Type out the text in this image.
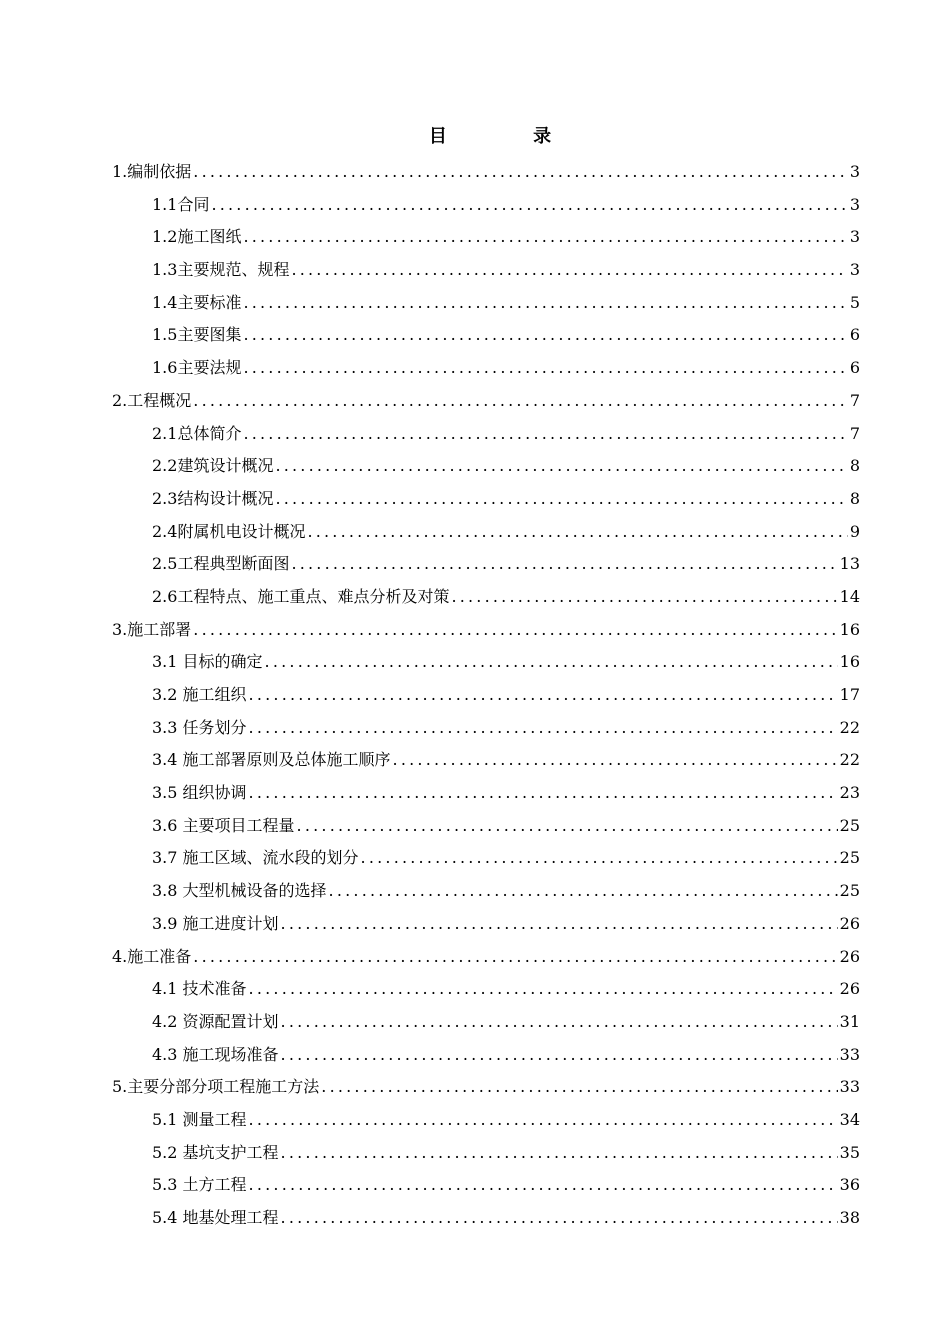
目 录
1.编制依据 .....	3
1.1合同 .....	3
1.2施工图纸 .....	3
1.3主要规范、规程 .....	3
1.4主要标准 .....	5
1.5主要图集 .....	6
1.6主要法规 .....	6
2.工程概况 .....	7
2.1总体简介 .....	7
2.2建筑设计概况 .....	8
2.3结构设计概况 .....	8
2.4附属机电设计概况 .....	9
2.5工程典型断面图 .....	13
2.6工程特点、施工重点、难点分析及对策 .....	14
3.施工部署 .....	16
3.1 目标的确定 .....	16
3.2 施工组织 .....	17
3.3 任务划分 .....	22
3.4 施工部署原则及总体施工顺序 .....	22
3.5 组织协调 .....	23
3.6 主要项目工程量 .....	25
3.7 施工区域、流水段的划分 .....	25
3.8 大型机械设备的选择 .....	25
3.9 施工进度计划 .....	26
4.施工准备 .....	26
4.1 技术准备 .....	26
4.2 资源配置计划 .....	31
4.3 施工现场准备 .....	33
5.主要分部分项工程施工方法 .....	33
5.1 测量工程 .....	34
5.2 基坑支护工程 .....	35
5.3 土方工程 .....	36
5.4 地基处理工程 .....	38
